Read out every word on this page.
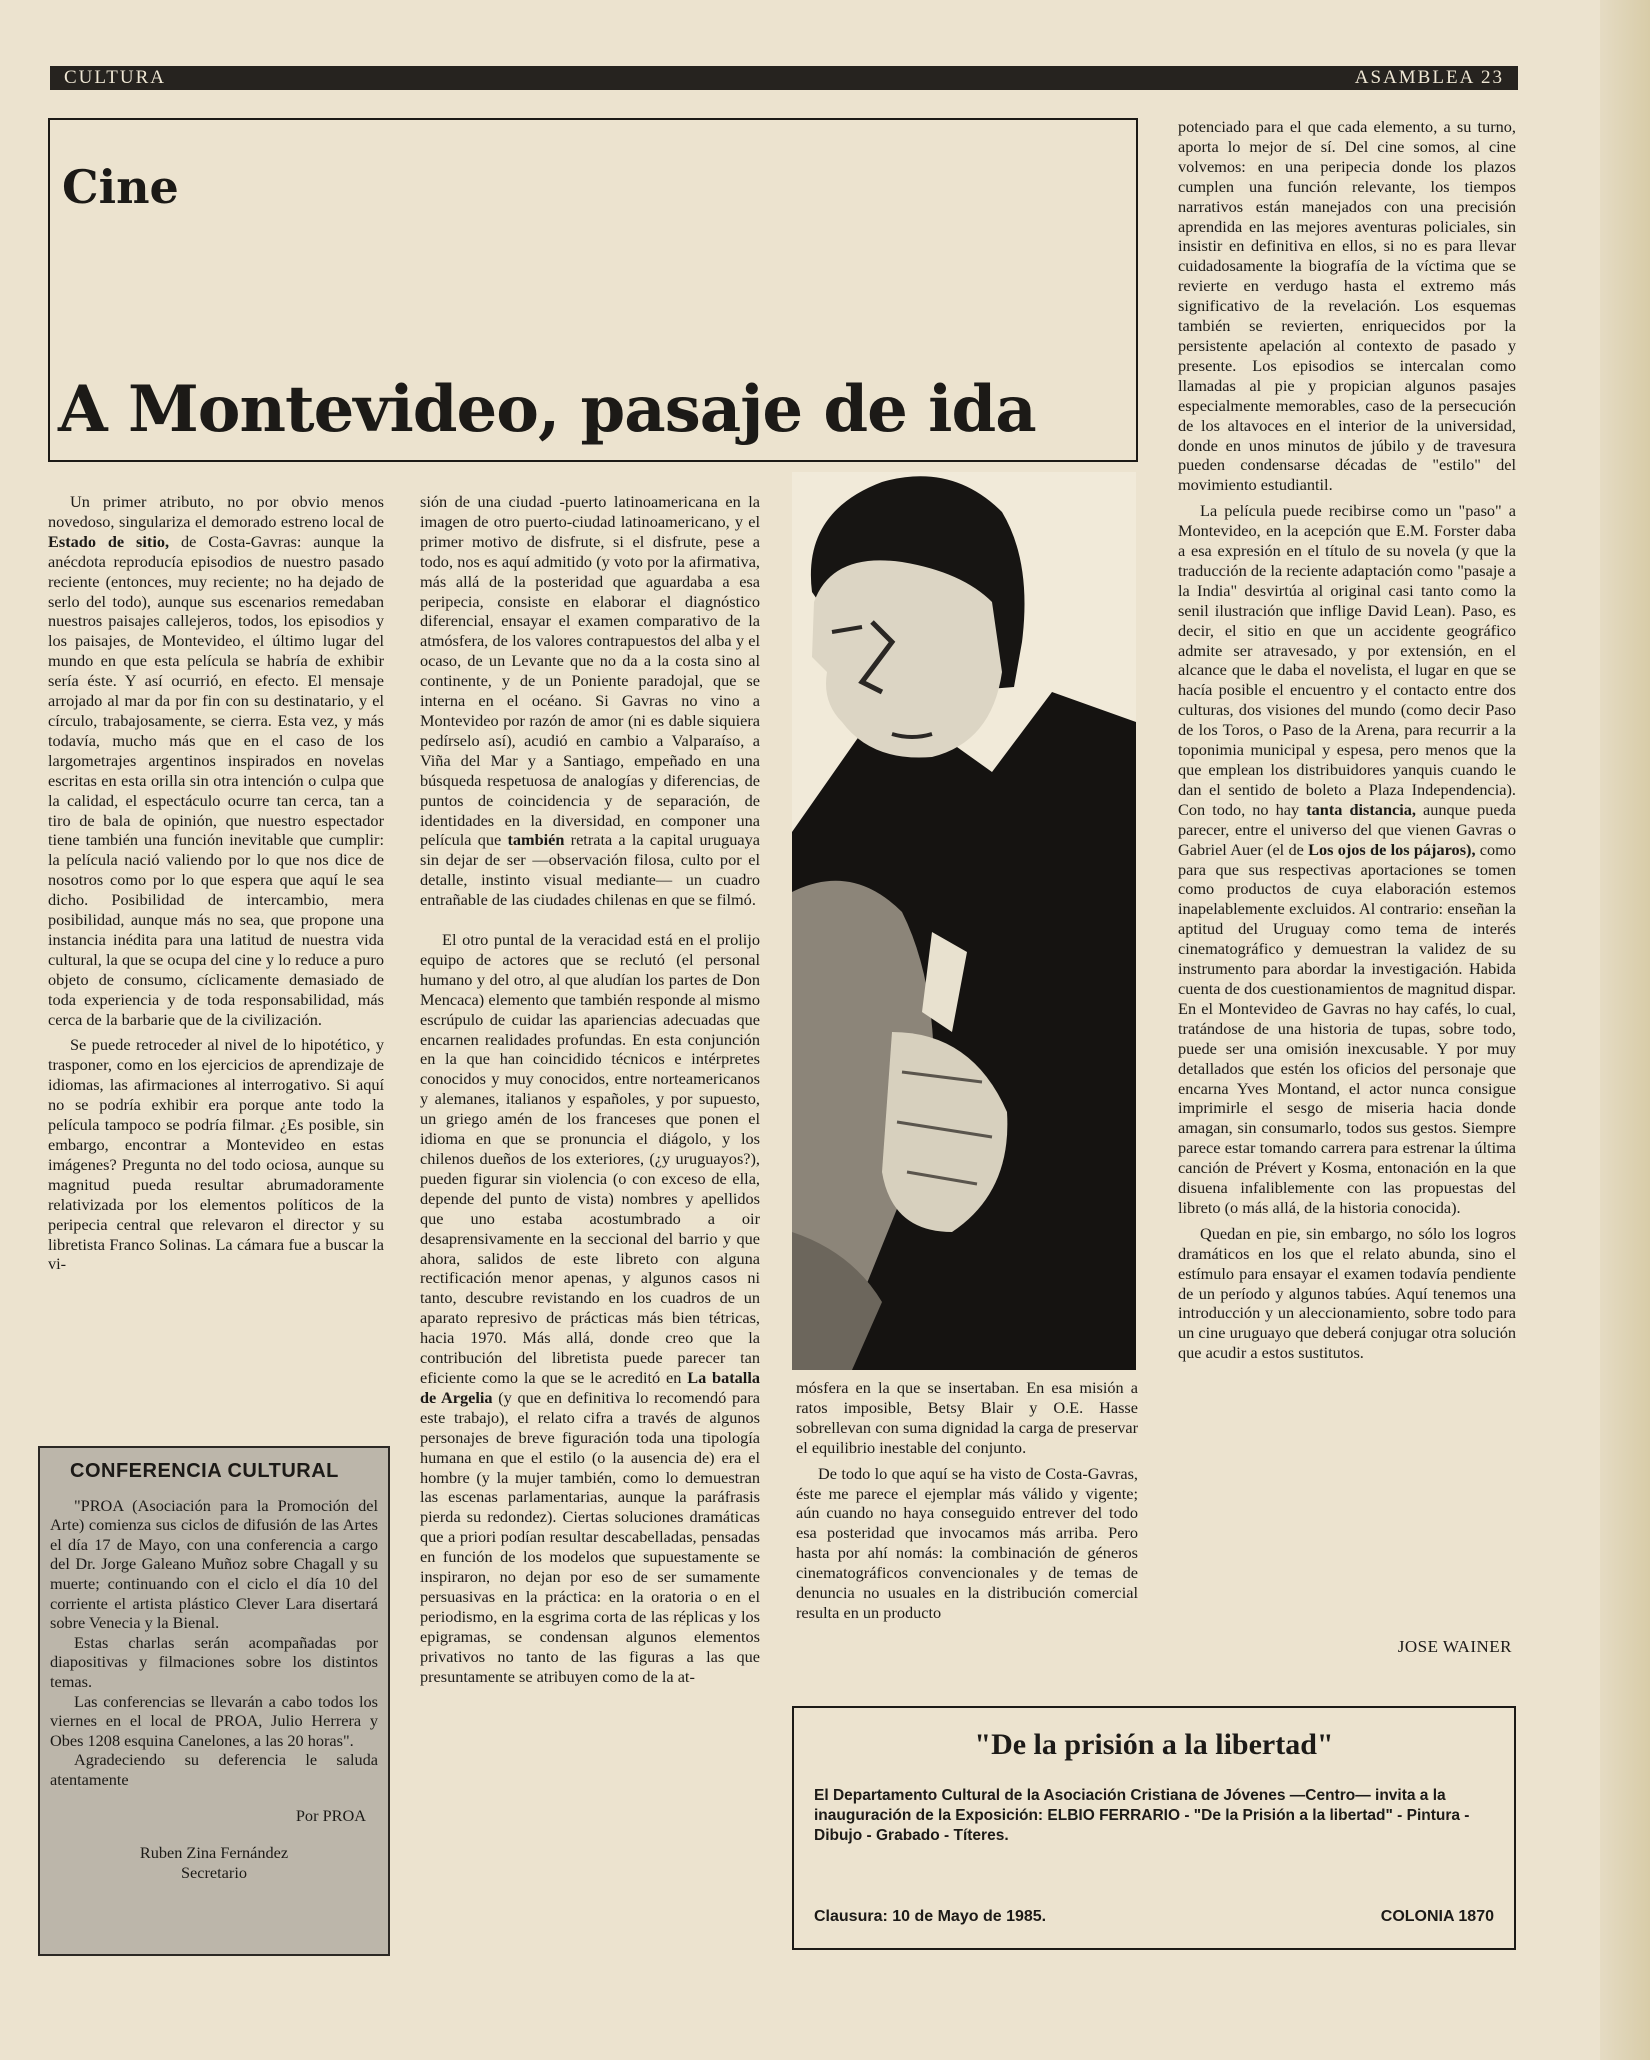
CULTURA	ASAMBLEA 23
Cine
A Montevideo, pasaje de ida

Un primer atributo, no por obvio menos novedoso, singulariza el demorado estreno local de Estado de sitio, de Costa-Gavras: aunque la anécdota reproducía episodios de nuestro pasado reciente (entonces, muy reciente; no ha dejado de serlo del todo), aunque sus escenarios remedaban nuestros paisajes callejeros, todos, los episodios y los paisajes, de Montevideo, el último lugar del mundo en que esta película se habría de exhibir sería éste. Y así ocurrió, en efecto. El mensaje arrojado al mar da por fin con su destinatario, y el círculo, trabajosamente, se cierra. Esta vez, y más todavía, mucho más que en el caso de los largometrajes argentinos inspirados en novelas escritas en esta orilla sin otra intención o culpa que la calidad, el espectáculo ocurre tan cerca, tan a tiro de bala de opinión, que nuestro espectador tiene también una función inevitable que cumplir: la película nació valiendo por lo que nos dice de nosotros como por lo que espera que aquí le sea dicho. Posibilidad de intercambio, mera posibilidad, aunque más no sea, que propone una instancia inédita para una latitud de nuestra vida cultural, la que se ocupa del cine y lo reduce a puro objeto de consumo, cíclicamente demasiado de toda experiencia y de toda responsabilidad, más cerca de la barbarie que de la civilización.

Se puede retroceder al nivel de lo hipotético, y trasponer, como en los ejercicios de aprendizaje de idiomas, las afirmaciones al interrogativo. Si aquí no se podría exhibir era porque ante todo la película tampoco se podría filmar. ¿Es posible, sin embargo, encontrar a Montevideo en estas imágenes? Pregunta no del todo ociosa, aunque su magnitud pueda resultar abrumadoramente relativizada por los elementos políticos de la peripecia central que relevaron el director y su libretista Franco Solinas. La cámara fue a buscar la vi-

sión de una ciudad -puerto latinoamericana en la imagen de otro puerto-ciudad latinoamericano, y el primer motivo de disfrute, si el disfrute, pese a todo, nos es aquí admitido (y voto por la afirmativa, más allá de la posteridad que aguardaba a esa peripecia, consiste en elaborar el diagnóstico diferencial, ensayar el examen comparativo de la atmósfera, de los valores contrapuestos del alba y el ocaso, de un Levante que no da a la costa sino al continente, y de un Poniente paradojal, que se interna en el océano. Si Gavras no vino a Montevideo por razón de amor (ni es dable siquiera pedírselo así), acudió en cambio a Valparaíso, a Viña del Mar y a Santiago, empeñado en una búsqueda respetuosa de analogías y diferencias, de puntos de coincidencia y de separación, de identidades en la diversidad, en componer una película que también retrata a la capital uruguaya sin dejar de ser —observación filosa, culto por el detalle, instinto visual mediante— un cuadro entrañable de las ciudades chilenas en que se filmó.

El otro puntal de la veracidad está en el prolijo equipo de actores que se reclutó (el personal humano y del otro, al que aludían los partes de Don Mencaca) elemento que también responde al mismo escrúpulo de cuidar las apariencias adecuadas que encarnen realidades profundas. En esta conjunción en la que han coincidido técnicos e intérpretes conocidos y muy conocidos, entre norteamericanos y alemanes, italianos y españoles, y por supuesto, un griego amén de los franceses que ponen el idioma en que se pronuncia el diágolo, y los chilenos dueños de los exteriores, (¿y uruguayos?), pueden figurar sin violencia (o con exceso de ella, depende del punto de vista) nombres y apellidos que uno estaba acostumbrado a oir desaprensivamente en la seccional del barrio y que ahora, salidos de este libreto con alguna rectificación menor apenas, y algunos casos ni tanto, descubre revistando en los cuadros de un aparato represivo de prácticas más bien tétricas, hacia 1970. Más allá, donde creo que la contribución del libretista puede parecer tan eficiente como la que se le acreditó en La batalla de Argelia (y que en definitiva lo recomendó para este trabajo), el relato cifra a través de algunos personajes de breve figuración toda una tipología humana en que el estilo (o la ausencia de) era el hombre (y la mujer también, como lo demuestran las escenas parlamentarias, aunque la paráfrasis pierda su redondez). Ciertas soluciones dramáticas que a priori podían resultar descabelladas, pensadas en función de los modelos que supuestamente se inspiraron, no dejan por eso de ser sumamente persuasivas en la práctica: en la oratoria o en el periodismo, en la esgrima corta de las réplicas y los epigramas, se condensan algunos elementos privativos no tanto de las figuras a las que presuntamente se atribuyen como de la at-

mósfera en la que se insertaban. En esa misión a ratos imposible, Betsy Blair y O.E. Hasse sobrellevan con suma dignidad la carga de preservar el equilibrio inestable del conjunto.

De todo lo que aquí se ha visto de Costa-Gavras, éste me parece el ejemplar más válido y vigente; aún cuando no haya conseguido entrever del todo esa posteridad que invocamos más arriba. Pero hasta por ahí nomás: la combinación de géneros cinematográficos convencionales y de temas de denuncia no usuales en la distribución comercial resulta en un producto

potenciado para el que cada elemento, a su turno, aporta lo mejor de sí. Del cine somos, al cine volvemos: en una peripecia donde los plazos cumplen una función relevante, los tiempos narrativos están manejados con una precisión aprendida en las mejores aventuras policiales, sin insistir en definitiva en ellos, si no es para llevar cuidadosamente la biografía de la víctima que se revierte en verdugo hasta el extremo más significativo de la revelación. Los esquemas también se revierten, enriquecidos por la persistente apelación al contexto de pasado y presente. Los episodios se intercalan como llamadas al pie y propician algunos pasajes especialmente memorables, caso de la persecución de los altavoces en el interior de la universidad, donde en unos minutos de júbilo y de travesura pueden condensarse décadas de "estilo" del movimiento estudiantil.

La película puede recibirse como un "paso" a Montevideo, en la acepción que E.M. Forster daba a esa expresión en el título de su novela (y que la traducción de la reciente adaptación como "pasaje a la India" desvirtúa al original casi tanto como la senil ilustración que inflige David Lean). Paso, es decir, el sitio en que un accidente geográfico admite ser atravesado, y por extensión, en el alcance que le daba el novelista, el lugar en que se hacía posible el encuentro y el contacto entre dos culturas, dos visiones del mundo (como decir Paso de los Toros, o Paso de la Arena, para recurrir a la toponimia municipal y espesa, pero menos que la que emplean los distribuidores yanquis cuando le dan el sentido de boleto a Plaza Independencia). Con todo, no hay tanta distancia, aunque pueda parecer, entre el universo del que vienen Gavras o Gabriel Auer (el de Los ojos de los pájaros), como para que sus respectivas aportaciones se tomen como productos de cuya elaboración estemos inapelablemente excluidos. Al contrario: enseñan la aptitud del Uruguay como tema de interés cinematográfico y demuestran la validez de su instrumento para abordar la investigación. Habida cuenta de dos cuestionamientos de magnitud dispar. En el Montevideo de Gavras no hay cafés, lo cual, tratándose de una historia de tupas, sobre todo, puede ser una omisión inexcusable. Y por muy detallados que estén los oficios del personaje que encarna Yves Montand, el actor nunca consigue imprimirle el sesgo de miseria hacia donde amagan, sin consumarlo, todos sus gestos. Siempre parece estar tomando carrera para estrenar la última canción de Prévert y Kosma, entonación en la que disuena infaliblemente con las propuestas del libreto (o más allá, de la historia conocida).

Quedan en pie, sin embargo, no sólo los logros dramáticos en los que el relato abunda, sino el estímulo para ensayar el examen todavía pendiente de un período y algunos tabúes. Aquí tenemos una introducción y un aleccionamiento, sobre todo para un cine uruguayo que deberá conjugar otra solución que acudir a estos sustitutos.

JOSE WAINER
CONFERENCIA CULTURAL

"PROA (Asociación para la Promoción del Arte) comienza sus ciclos de difusión de las Artes el día 17 de Mayo, con una conferencia a cargo del Dr. Jorge Galeano Muñoz sobre Chagall y su muerte; continuando con el ciclo el día 10 del corriente el artista plástico Clever Lara disertará sobre Venecia y la Bienal.

Estas charlas serán acompañadas por diapositivas y filmaciones sobre los distintos temas.

Las conferencias se llevarán a cabo todos los viernes en el local de PROA, Julio Herrera y Obes 1208 esquina Canelones, a las 20 horas".

Agradeciendo su deferencia le saluda atentamente

Por PROA

Ruben Zina Fernández

Secretario

"De la prisión a la libertad"
El Departamento Cultural de la Asociación Cristiana de Jóvenes —Centro— invita a la inauguración de la Exposición: ELBIO FERRARIO - "De la Prisión a la libertad" - Pintura - Dibujo - Grabado - Títeres.
Clausura: 10 de Mayo de 1985.	COLONIA 1870
